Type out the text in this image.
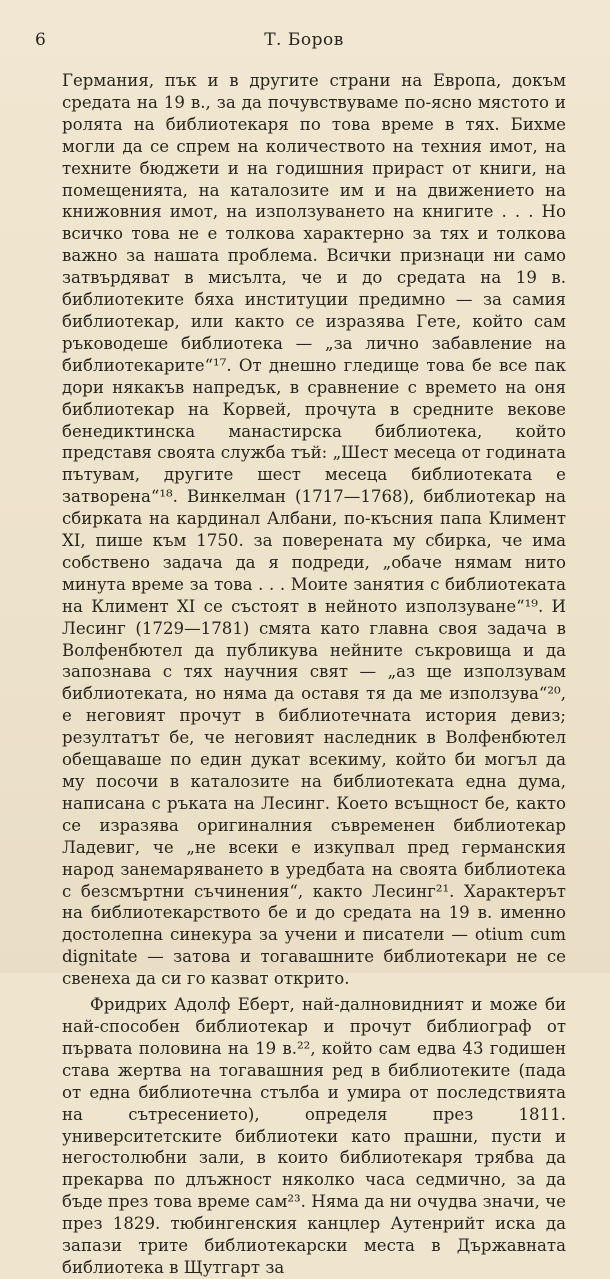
6	Т. Боров

Германия, пък и в другите страни на Европа, докъм средата на 19 в., за да почувствуваме по-ясно мястото и ролята на библиотекаря по това време в тях. Бихме могли да се спрем на количеството на техния имот, на техните бюджети и на годишния прираст от книги, на помещенията, на каталозите им и на движението на книжовния имот, на използуването на книгите . . . Но всичко това не е толкова характерно за тях и толкова важно за нашата проблема. Всички признаци ни само затвърдяват в мисълта, че и до средата на 19 в. библиотеките бяха институции предимно — за самия библиотекар, или както се изразява Гете, който сам ръководеше библиотека — „за лично забавление на библиотекарите“¹⁷. От днешно гледище това бе все пак дори някакъв напредък, в сравнение с времето на оня библиотекар на Корвей, прочута в средните векове бенедиктинска манастирска библиотека, който представя своята служба тъй: „Шест месеца от годината пътувам, другите шест месеца библиотеката е затворена“¹⁸. Винкелман (1717—1768), библиотекар на сбирката на кардинал Албани, по-късния папа Климент XI, пише към 1750. за поверената му сбирка, че има собствено задача да я подреди, „обаче нямам нито минута време за това . . . Моите занятия с библиотеката на Климент XI се състоят в нейното използуване“¹⁹. И Лесинг (1729—1781) смята като главна своя задача в Волфенбютел да публикува нейните съкровища и да запознава с тях научния свят — „аз ще използувам библиотеката, но няма да оставя тя да ме използува“²⁰, е неговият прочут в библиотечната история девиз; резултатът бе, че неговият наследник в Волфенбютел обещаваше по един дукат всекиму, който би могъл да му посочи в каталозите на библиотеката една дума, написана с ръката на Лесинг. Което всъщност бе, както се изразява оригиналния съвременен библиотекар Ладевиг, че „не всеки е изкупвал пред германския народ занемаряването в уредбата на своята библиотека с безсмъртни съчинения“, както Лесинг²¹. Характерът на библиотекарството бе и до средата на 19 в. именно достолепна синекура за учени и писатели — otium cum dignitate — затова и тогавашните библиотекари не се свенеха да си го казват открито.

Фридрих Адолф Еберт, най-далновидният и може би най-способен библиотекар и прочут библиограф от първата половина на 19 в.²², който сам едва 43 годишен става жертва на тогавашния ред в библиотеките (пада от една библиотечна стълба и умира от последствията на сътресението), определя през 1811. университетските библиотеки като прашни, пусти и негостолюбни зали, в които библиотекаря трябва да прекарва по длъжност няколко часа седмично, за да бъде през това време сам²³. Няма да ни очудва значи, че през 1829. тюбингенския канцлер Аутенрийт иска да запази трите библиотекарски места в Държавната библиотека в Щутгарт за
